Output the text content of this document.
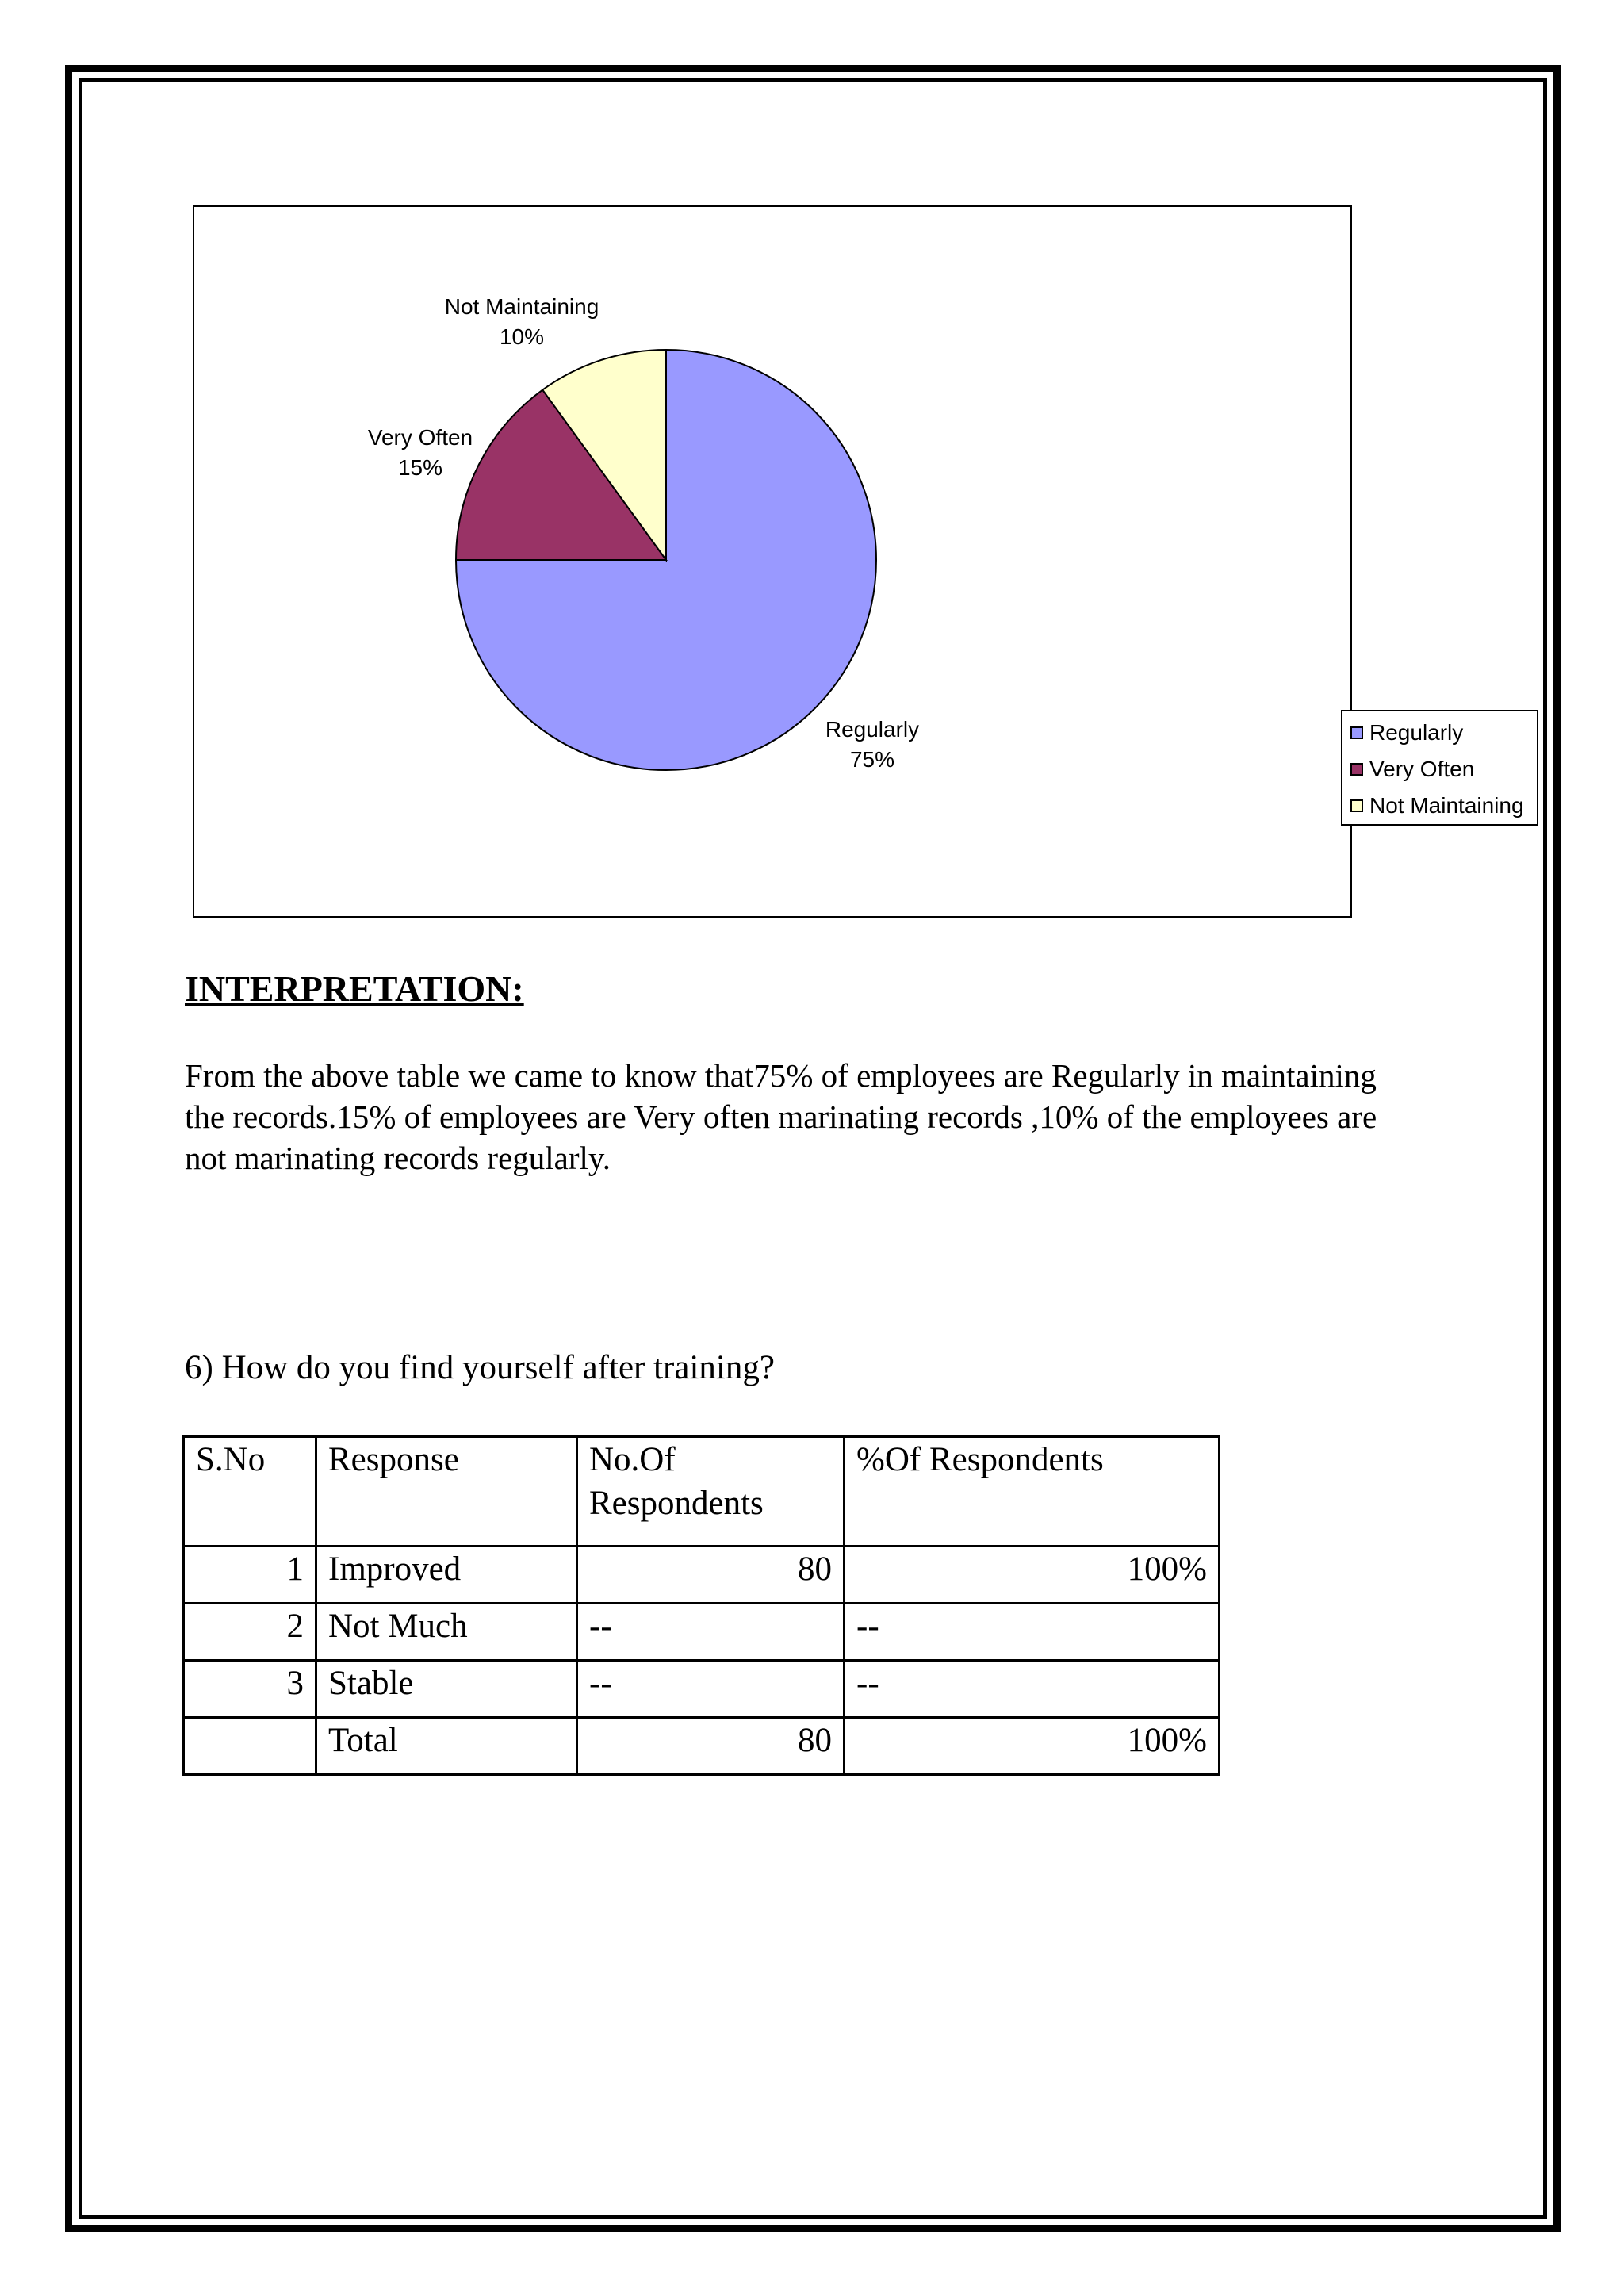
Regularly
75%
Very Often
15%
Not Maintaining
10%
Regularly
Very Often
Not Maintaining
INTERPRETATION:

From the above table we came to know that75% of employees are Regularly in maintaining the records.15% of employees are Very often marinating records ,10% of the employees are not marinating records regularly.

6) How do you find yourself after training?

S.No	Response	No.Of Respondents	%Of Respondents
1	Improved	80	100%
2	Not Much	--	--
3	Stable	--	--
	Total	80	100%
